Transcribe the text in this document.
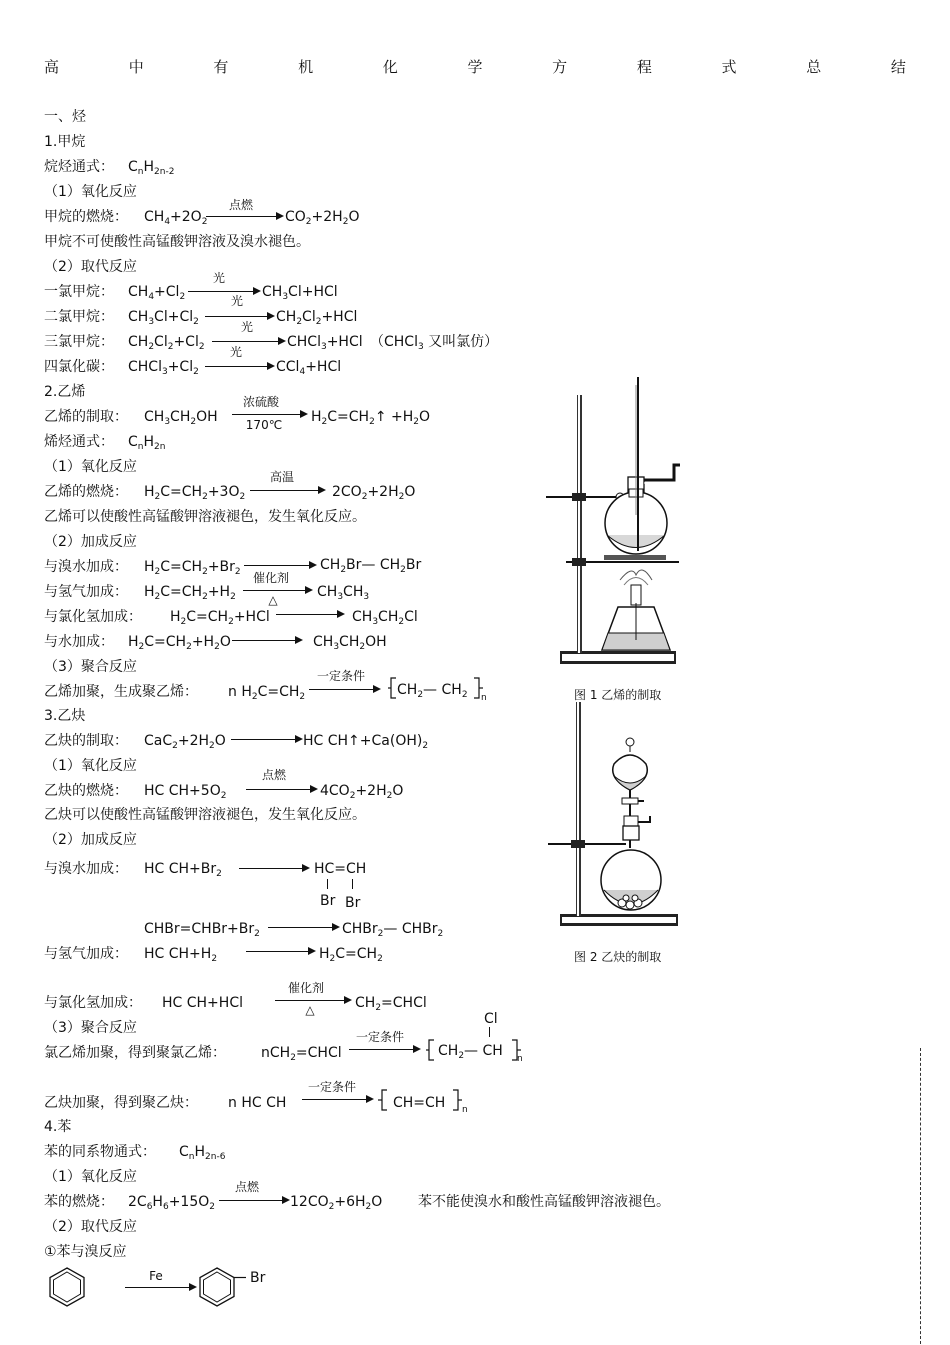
高	中	有	机	化	学	方	程	式	总	结
一、烃
1.甲烷
烷烃通式： $C_nH_{2n-2}$
（1）氧化反应
甲烷的燃烧： $CH_4+2O_2$
点燃
$CO_2+2H_2O$
甲烷不可使酸性高锰酸钾溶液及溴水褪色。
（2）取代反应
一氯甲烷： $CH_4+Cl_2$
光
$CH_3Cl+HCl$
二氯甲烷： $CH_3Cl+Cl_2$
光
$CH_2Cl_2+HCl$
三氯甲烷： $CH_2Cl_2+Cl_2$
光
CHCl$_3$+HCl （CHCl$_3$ 又叫氯仿）
四氯化碳： $CHCl_3+Cl_2$
光
CCl$_4$+HCl
2.乙烯
乙烯的制取： $CH_3CH_2OH$
浓硫酸
170℃ $H_2C=CH_2↑ +H_2O$
烯烃通式： $C_nH_{2n}$
（1）氧化反应
乙烯的燃烧： $H_2C=CH_2+3O_2$
高温
$2CO_2+2H_2O$
乙烯可以使酸性高锰酸钾溶液褪色，发生氧化反应。
（2）加成反应
与溴水加成： $H_2C=CH_2+Br_2$	$CH_2Br—$ $CH_2Br$
与氢气加成： $H_2C=CH_2+H_2$
催化剂
△	$CH_3CH_3$
与氯化氢加成： $H_2C=CH_2+HCl$	$CH_3CH_2Cl$
与水加成： $H_2C=CH_2+H_2O$	$CH_3CH_2OH$
（3）聚合反应
乙烯加聚，生成聚乙烯： n $H_2C=CH_2$
一定条件
$CH_2—$ $CH_2$ n
3.乙炔
乙炔的制取： $CaC_2+2H_2O$	HC $CH↑+Ca(OH)_2$
（1）氧化反应
乙炔的燃烧： HC $CH+5O_2$
点燃
$4CO_2+2H_2O$
乙炔可以使酸性高锰酸钾溶液褪色，发生氧化反应。
（2）加成反应
与溴水加成： HC $CH+Br_2$	HC=CH
Br Br
$CHBr=CHBr+Br_2$	CHBr$_2$— CHBr$_2$
与氢气加成： HC $CH+H_2$	$H_2C=CH_2$
与氯化氢加成： HC CH+HCl
催化剂
△	$CH_2=CHCl$
（3）聚合反应
氯乙烯加聚，得到聚氯乙烯：	nCH$_2$=CHCl
一定条件
Cl
$CH_2—$ CH n
乙炔加聚，得到聚乙炔： n HC CH
一定条件
CH=CH n
4.苯
苯的同系物通式： $C_nH_{2n-6}$
（1）氧化反应
苯的燃烧： $2C_6H_6+15O_2$
点燃
$12CO_2+6H_2O$	苯不能使溴水和酸性高锰酸钾溶液褪色。
（2）取代反应
①苯与溴反应
Fe	Br
图 1 乙烯的制取
图 2 乙炔的制取
